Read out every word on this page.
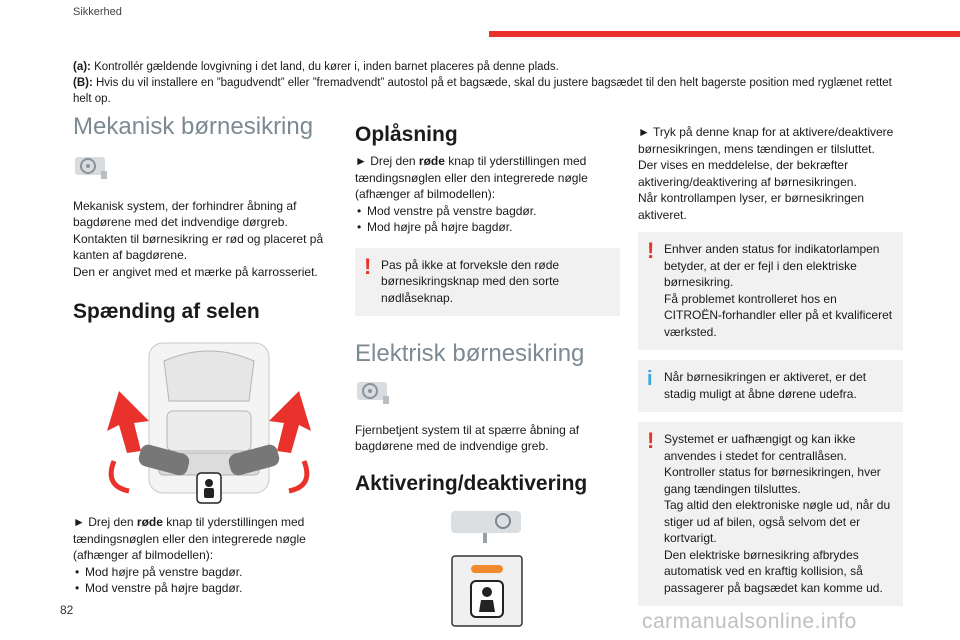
Sikkerhed
(a): Kontrollér gældende lovgivning i det land, du kører i, inden barnet placeres på denne plads.
(B): Hvis du vil installere en ”bagudvendt” eller ”fremadvendt” autostol på et bagsæde, skal du justere bagsædet til den helt bagerste position med ryglænet rettet helt op.
Mekanisk børnesikring
Mekanisk system, der forhindrer åbning af bagdørene med det indvendige dørgreb.
Kontakten til børnesikring er rød og placeret på kanten af bagdørene.
Den er angivet med et mærke på karrosseriet.
Spænding af selen
► Drej den røde knap til yderstillingen med tændingsnøglen eller den integrerede nøgle (afhænger af bilmodellen):
• Mod højre på venstre bagdør.
• Mod venstre på højre bagdør.
Oplåsning
► Drej den røde knap til yderstillingen med tændingsnøglen eller den integrerede nøgle (afhænger af bilmodellen):
• Mod venstre på venstre bagdør.
• Mod højre på højre bagdør.
! Pas på ikke at forveksle den røde børnesikringsknap med den sorte nødlåseknap.
Elektrisk børnesikring
Fjernbetjent system til at spærre åbning af bagdørene med de indvendige greb.
Aktivering/deaktivering
► Tryk på denne knap for at aktivere/deaktivere børnesikringen, mens tændingen er tilsluttet.
Der vises en meddelelse, der bekræfter aktivering/deaktivering af børnesikringen.
Når kontrollampen lyser, er børnesikringen aktiveret.
! Enhver anden status for indikatorlampen betyder, at der er fejl i den elektriske børnesikring.
Få problemet kontrolleret hos en CITROËN-forhandler eller på et kvalificeret værksted.
i Når børnesikringen er aktiveret, er det stadig muligt at åbne dørene udefra.
! Systemet er uafhængigt og kan ikke anvendes i stedet for centrallåsen.
Kontroller status for børnesikringen, hver gang tændingen tilsluttes.
Tag altid den elektroniske nøgle ud, når du stiger ud af bilen, også selvom det er kortvarigt.
Den elektriske børnesikring afbrydes automatisk ved en kraftig kollision, så passagerer på bagsædet kan komme ud.
82	carmanualsonline.info
